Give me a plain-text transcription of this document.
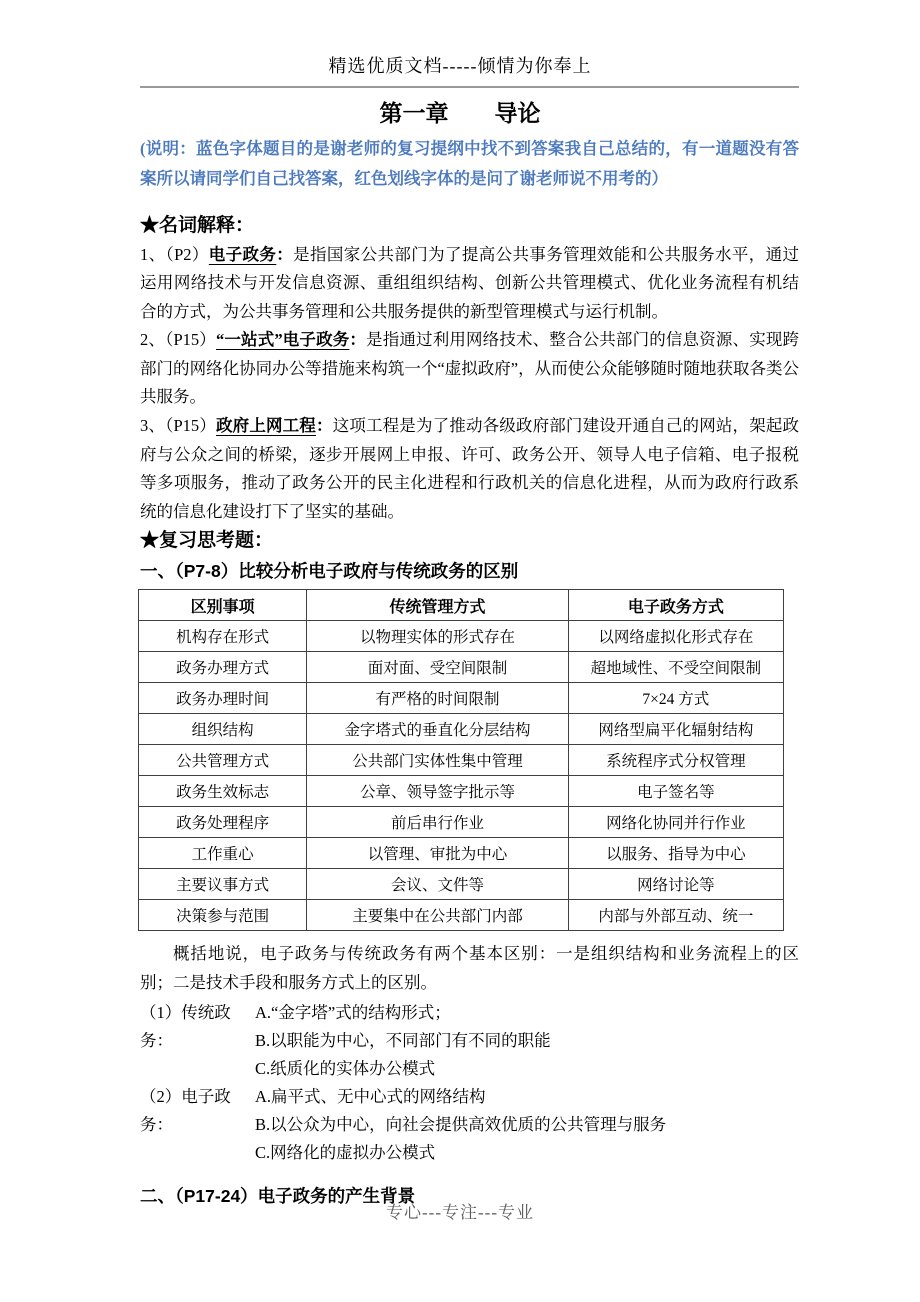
精选优质文档-----倾情为你奉上
第一章　　导论

(说明：蓝色字体题目的是谢老师的复习提纲中找不到答案我自己总结的，有一道题没有答案所以请同学们自己找答案，红色划线字体的是问了谢老师说不用考的）

★名词解释：

1、（P2）电子政务：是指国家公共部门为了提高公共事务管理效能和公共服务水平，通过运用网络技术与开发信息资源、重组组织结构、创新公共管理模式、优化业务流程有机结合的方式，为公共事务管理和公共服务提供的新型管理模式与运行机制。

2、（P15）“一站式”电子政务：是指通过利用网络技术、整合公共部门的信息资源、实现跨部门的网络化协同办公等措施来构筑一个“虚拟政府”，从而使公众能够随时随地获取各类公共服务。

3、（P15）政府上网工程：这项工程是为了推动各级政府部门建设开通自己的网站，架起政府与公众之间的桥梁，逐步开展网上申报、许可、政务公开、领导人电子信箱、电子报税等多项服务，推动了政务公开的民主化进程和行政机关的信息化进程，从而为政府行政系统的信息化建设打下了坚实的基础。

★复习思考题：
一、（P7-8）比较分析电子政府与传统政务的区别
区别事项	传统管理方式	电子政务方式
机构存在形式	以物理实体的形式存在	以网络虚拟化形式存在
政务办理方式	面对面、受空间限制	超地域性、不受空间限制
政务办理时间	有严格的时间限制	7×24 方式
组织结构	金字塔式的垂直化分层结构	网络型扁平化辐射结构
公共管理方式	公共部门实体性集中管理	系统程序式分权管理
政务生效标志	公章、领导签字批示等	电子签名等
政务处理程序	前后串行作业	网络化协同并行作业
工作重心	以管理、审批为中心	以服务、指导为中心
主要议事方式	会议、文件等	网络讨论等
决策参与范围	主要集中在公共部门内部	内部与外部互动、统一

概括地说，电子政务与传统政务有两个基本区别：一是组织结构和业务流程上的区别；二是技术手段和服务方式上的区别。

（1）传统政务：
A.“金字塔”式的结构形式；
B.以职能为中心，不同部门有不同的职能
C.纸质化的实体办公模式
（2）电子政务：
A.扁平式、无中心式的网络结构
B.以公众为中心，向社会提供高效优质的公共管理与服务
C.网络化的虚拟办公模式
二、（P17-24）电子政务的产生背景
专心---专注---专业
